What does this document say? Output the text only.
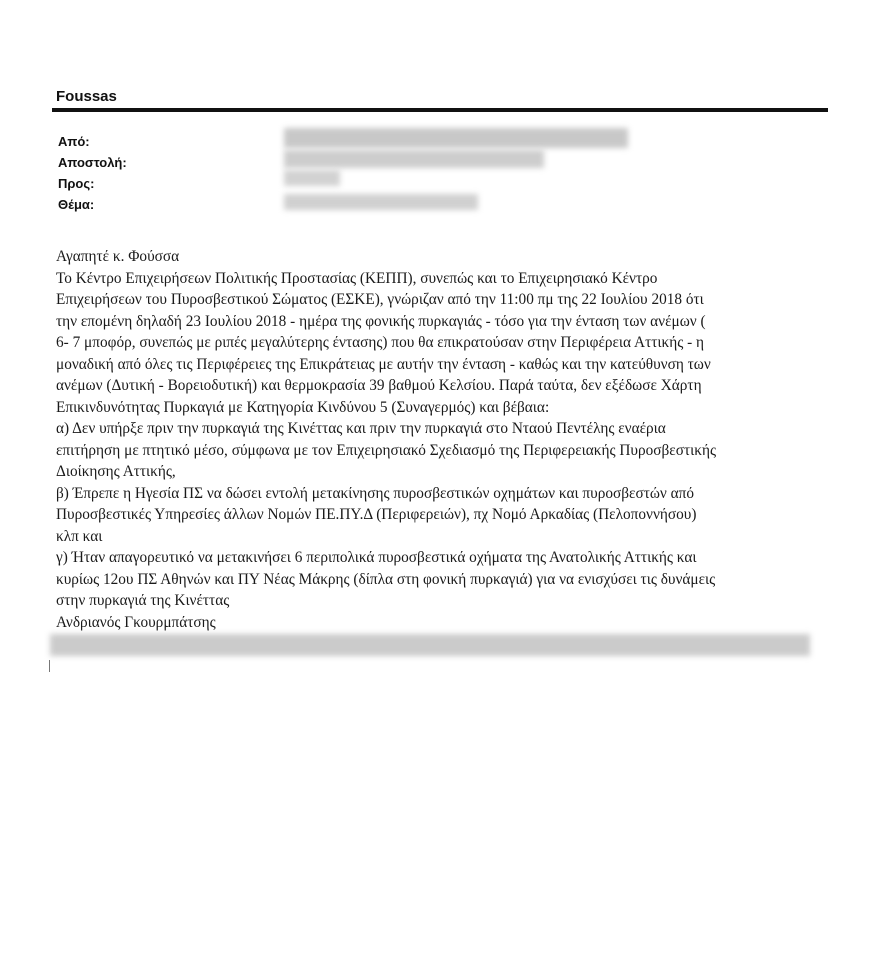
Foussas
Από:
Αποστολή:
Προς:
Θέμα:
Αγαπητέ κ. Φούσσα
Το Κέντρο Επιχειρήσεων Πολιτικής Προστασίας (ΚΕΠΠ), συνεπώς και το Επιχειρησιακό Κέντρο
Επιχειρήσεων του Πυροσβεστικού Σώματος (ΕΣΚΕ), γνώριζαν από την 11:00 πμ της 22 Ιουλίου 2018 ότι
την επομένη δηλαδή 23 Ιουλίου 2018 - ημέρα της φονικής πυρκαγιάς - τόσο για την ένταση των ανέμων (
6- 7 μποφόρ, συνεπώς με ριπές μεγαλύτερης έντασης) που θα επικρατούσαν στην Περιφέρεια Αττικής - η
μοναδική από όλες τις Περιφέρειες της Επικράτειας με αυτήν την ένταση - καθώς και την κατεύθυνση των
ανέμων (Δυτική - Βορειοδυτική) και θερμοκρασία 39 βαθμού Κελσίου. Παρά ταύτα, δεν εξέδωσε Χάρτη
Επικινδυνότητας Πυρκαγιά με Κατηγορία Κινδύνου 5 (Συναγερμός) και βέβαια:
α) Δεν υπήρξε πριν την πυρκαγιά της Κινέττας και πριν την πυρκαγιά στο Νταού Πεντέλης εναέρια
επιτήρηση με πτητικό μέσο, σύμφωνα με τον Επιχειρησιακό Σχεδιασμό της Περιφερειακής Πυροσβεστικής
Διοίκησης Αττικής,
β) Έπρεπε η Ηγεσία ΠΣ να δώσει εντολή μετακίνησης πυροσβεστικών οχημάτων και πυροσβεστών από
Πυροσβεστικές Υπηρεσίες άλλων Νομών ΠΕ.ΠΥ.Δ (Περιφερειών), πχ Νομό Αρκαδίας (Πελοποννήσου)
κλπ και
γ) Ήταν απαγορευτικό να μετακινήσει 6 περιπολικά πυροσβεστικά οχήματα της Ανατολικής Αττικής και
κυρίως 12ου ΠΣ Αθηνών και ΠΥ Νέας Μάκρης (δίπλα στη φονική πυρκαγιά) για να ενισχύσει τις δυνάμεις
στην πυρκαγιά της Κινέττας
Ανδριανός Γκουρμπάτσης
